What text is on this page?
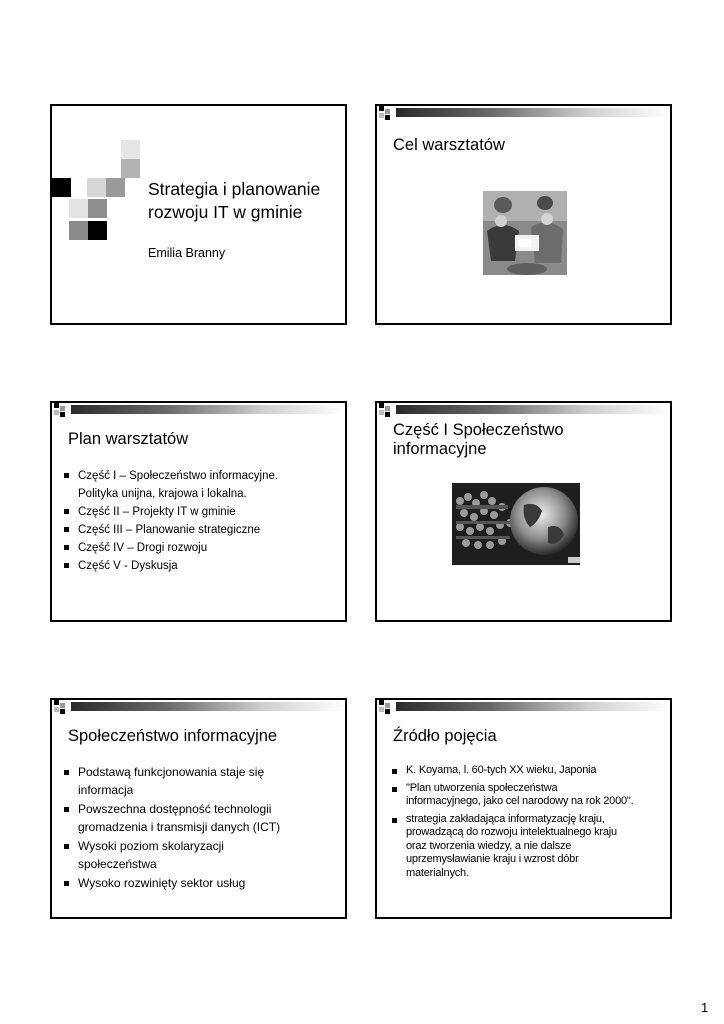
Strategia i planowanie
rozwoju IT w gminie
Emilia Branny
Cel warsztatów
Plan warsztatów
Część I – Społeczeństwo informacyjne.
Polityka unijna, krajowa i lokalna.
Część II – Projekty IT w gminie
Część III – Planowanie strategiczne
Część IV – Drogi rozwoju
Część V - Dyskusja
Część I Społeczeństwo
informacyjne
Społeczeństwo informacyjne
Podstawą funkcjonowania staje się
informacja
Powszechna dostępność technologii
gromadzenia i transmisji danych (ICT)
Wysoki poziom skolaryzacji
społeczeństwa
Wysoko rozwinięty sektor usług
Źródło pojęcia
K. Koyama, l. 60-tych XX wieku, Japonia
"Plan utworzenia społeczeństwa
informacyjnego, jako cel narodowy na rok 2000".
strategia zakładająca informatyzację kraju,
prowadzącą do rozwoju intelektualnego kraju
oraz tworzenia wiedzy, a nie dalsze
uprzemysławianie kraju i wzrost dóbr
materialnych.
1
